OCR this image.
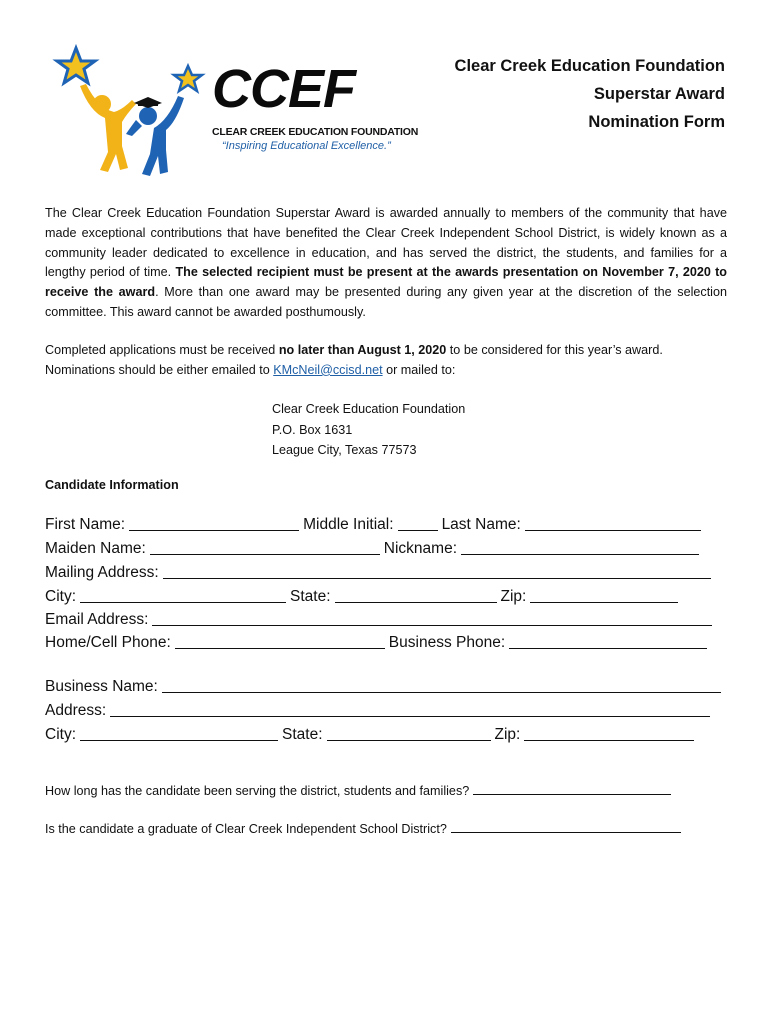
CCEF
CLEAR CREEK EDUCATION FOUNDATION
“Inspiring Educational Excellence.”
Clear Creek Education Foundation
Superstar Award
Nomination Form
The Clear Creek Education Foundation Superstar Award is awarded annually to members of the community that have made exceptional contributions that have benefited the Clear Creek Independent School District, is widely known as a community leader dedicated to excellence in education, and has served the district, the students, and families for a lengthy period of time. The selected recipient must be present at the awards presentation on November 7, 2020 to receive the award. More than one award may be presented during any given year at the discretion of the selection committee. This award cannot be awarded posthumously.
Completed applications must be received no later than August 1, 2020 to be considered for this year’s award. Nominations should be either emailed to KMcNeil@ccisd.net or mailed to:
Clear Creek Education Foundation
P.O. Box 1631
League City, Texas 77573
Candidate Information
First Name:	Middle Initial:	Last Name:
Maiden Name:	Nickname:
Mailing Address:
City:	State:	Zip:
Email Address:
Home/Cell Phone:	Business Phone:
Business Name:
Address:
City:	State:	Zip:
How long has the candidate been serving the district, students and families?
Is the candidate a graduate of Clear Creek Independent School District?
